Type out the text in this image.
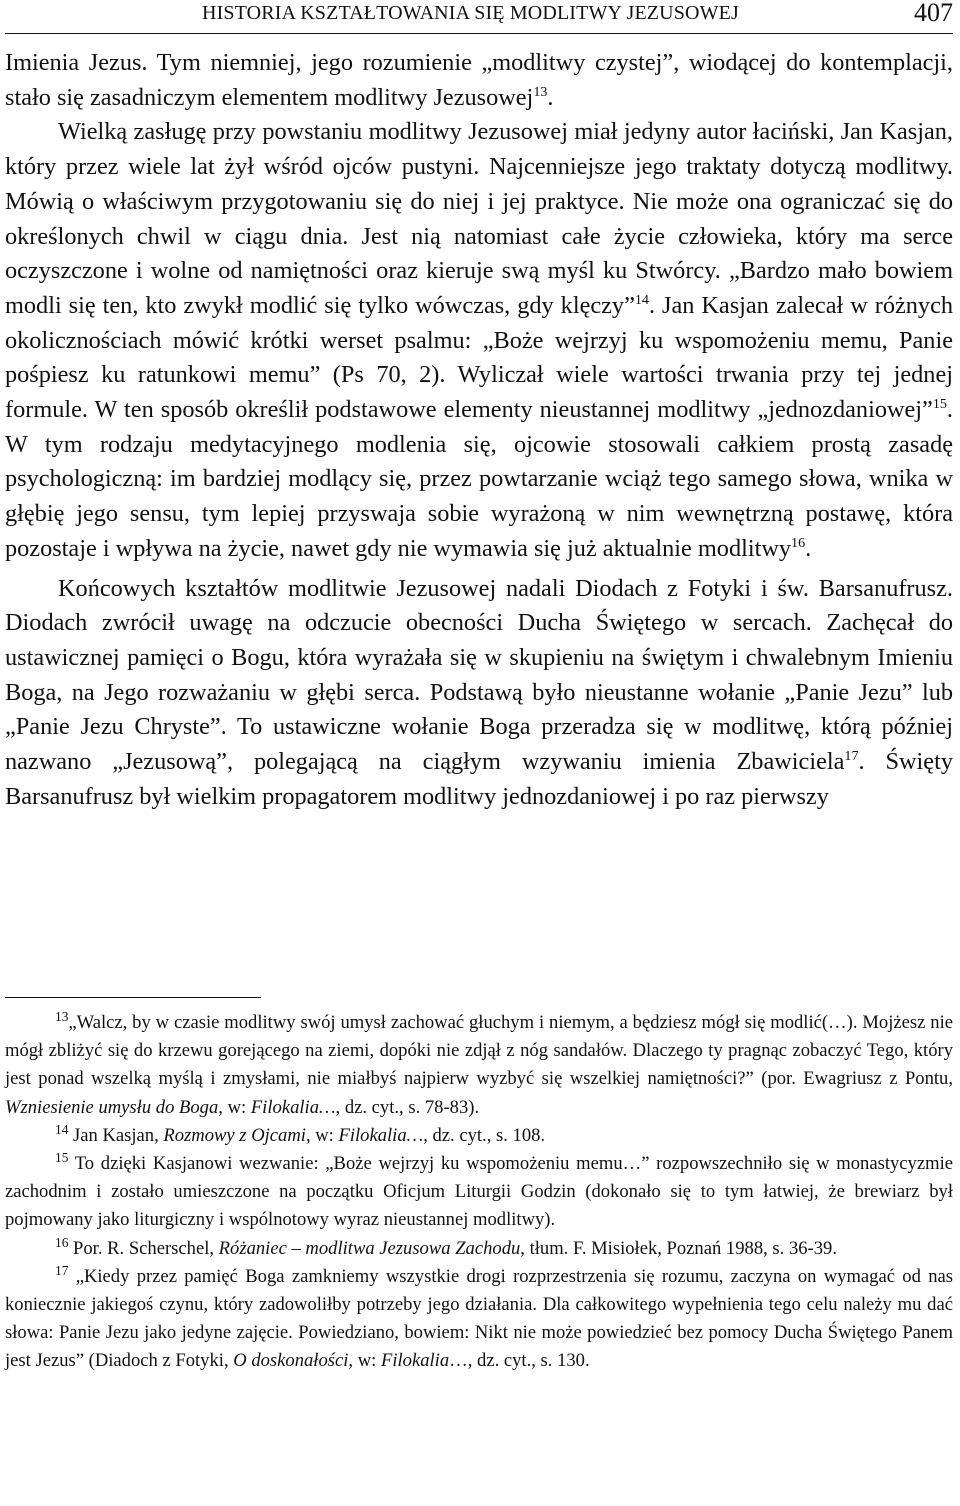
HISTORIA KSZTAŁTOWANIA SIĘ MODLITWY JEZUSOWEJ	407

Imienia Jezus. Tym niemniej, jego rozumienie „modlitwy czystej”, wiodącej do kontemplacji, stało się zasadniczym elementem modlitwy Jezusowej$^{13}$.

Wielką zasługę przy powstaniu modlitwy Jezusowej miał jedyny autor łaciński, Jan Kasjan, który przez wiele lat żył wśród ojców pustyni. Najcenniejsze jego traktaty dotyczą modlitwy. Mówią o właściwym przygotowaniu się do niej i jej praktyce. Nie może ona ograniczać się do określonych chwil w ciągu dnia. Jest nią natomiast całe życie człowieka, który ma serce oczyszczone i wolne od namiętności oraz kieruje swą myśl ku Stwórcy. „Bardzo mało bowiem modli się ten, kto zwykł modlić się tylko wówczas, gdy klęczy”$^{14}$. Jan Kasjan zalecał w różnych okolicznościach mówić krótki werset psalmu: „Boże wejrzyj ku wspomożeniu memu, Panie pośpiesz ku ratunkowi memu” (Ps 70, 2). Wyliczał wiele wartości trwania przy tej jednej formule. W ten sposób określił podstawowe elementy nieustannej modlitwy „jednozdaniowej”$^{15}$. W tym rodzaju medytacyjnego modlenia się, ojcowie stosowali całkiem prostą zasadę psychologiczną: im bardziej modlący się, przez powtarzanie wciąż tego samego słowa, wnika w głębię jego sensu, tym lepiej przyswaja sobie wyrażoną w nim wewnętrzną postawę, która pozostaje i wpływa na życie, nawet gdy nie wymawia się już aktualnie modlitwy$^{16}$.

Końcowych kształtów modlitwie Jezusowej nadali Diodach z Fotyki i św. Barsanufrusz. Diodach zwrócił uwagę na odczucie obecności Ducha Świętego w sercach. Zachęcał do ustawicznej pamięci o Bogu, która wyrażała się w skupieniu na świętym i chwalebnym Imieniu Boga, na Jego rozważaniu w głębi serca. Podstawą było nieustanne wołanie „Panie Jezu” lub „Panie Jezu Chryste”. To ustawiczne wołanie Boga przeradza się w modlitwę, którą później nazwano „Jezusową”, polegającą na ciągłym wzywaniu imienia Zbawiciela$^{17}$. Święty Barsanufrusz był wielkim propagatorem modlitwy jednozdaniowej i po raz pierwszy

$^{13}$„Walcz, by w czasie modlitwy swój umysł zachować głuchym i niemym, a będziesz mógł się modlić(…). Mojżesz nie mógł zbliżyć się do krzewu gorejącego na ziemi, dopóki nie zdjął z nóg sandałów. Dlaczego ty pragnąc zobaczyć Tego, który jest ponad wszelką myślą i zmysłami, nie miałbyś najpierw wyzbyć się wszelkiej namiętności?” (por. Ewagriusz z Pontu, Wzniesienie umysłu do Boga, w: Filokalia…, dz. cyt., s. 78-83).

$^{14}$ Jan Kasjan, Rozmowy z Ojcami, w: Filokalia…, dz. cyt., s. 108.

$^{15}$ To dzięki Kasjanowi wezwanie: „Boże wejrzyj ku wspomożeniu memu…” rozpowszechniło się w monastycyzmie zachodnim i zostało umieszczone na początku Oficjum Liturgii Godzin (dokonało się to tym łatwiej, że brewiarz był pojmowany jako liturgiczny i wspólnotowy wyraz nieustannej modlitwy).

$^{16}$ Por. R. Scherschel, Różaniec – modlitwa Jezusowa Zachodu, tłum. F. Misiołek, Poznań 1988, s. 36-39.

$^{17}$ „Kiedy przez pamięć Boga zamkniemy wszystkie drogi rozprzestrzenia się rozumu, zaczyna on wymagać od nas koniecznie jakiegoś czynu, który zadowoliłby potrzeby jego działania. Dla całkowitego wypełnienia tego celu należy mu dać słowa: Panie Jezu jako jedyne zajęcie. Powiedziano, bowiem: Nikt nie może powiedzieć bez pomocy Ducha Świętego Panem jest Jezus” (Diadoch z Fotyki, O doskonałości, w: Filokalia…, dz. cyt., s. 130.
